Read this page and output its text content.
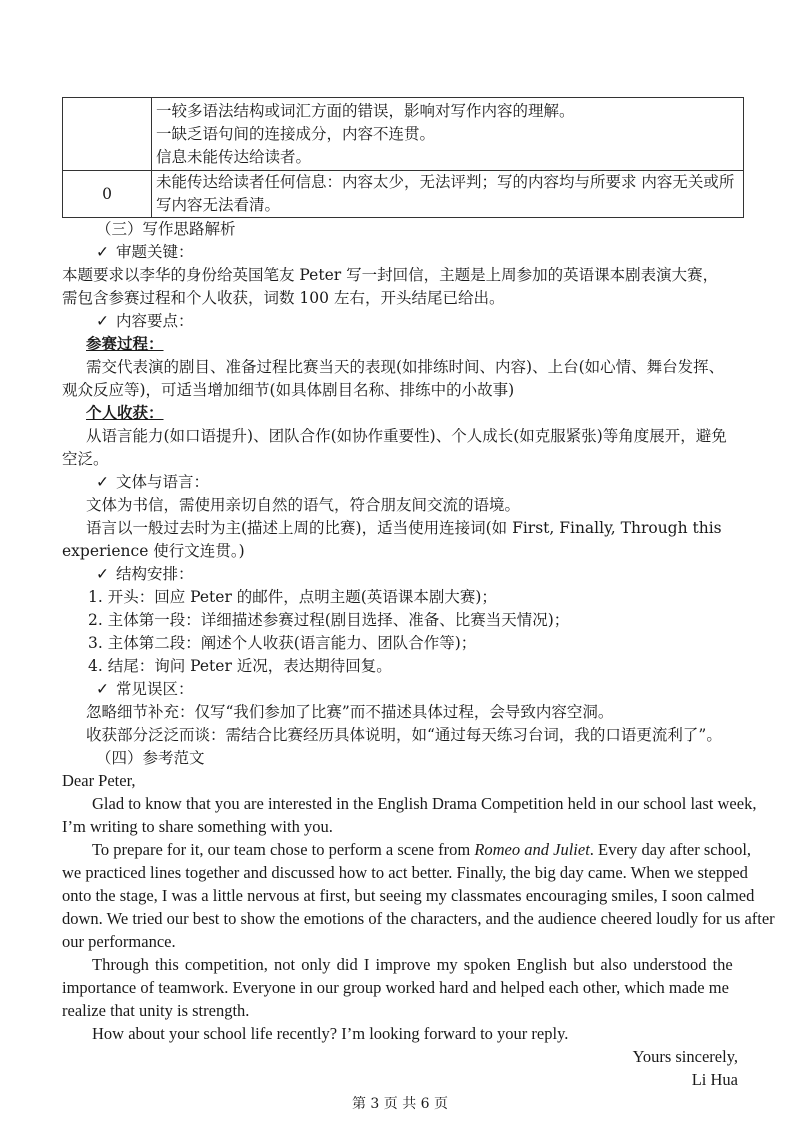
	一较多语法结构或词汇方面的错误，影响对写作内容的理解。
一缺乏语句间的连接成分，内容不连贯。
信息未能传达给读者。

0	未能传达给读者任何信息：内容太少，无法评判；写的内容均与所要求 内容无关或所写内容无法看清。
（三）写作思路解析
✓ 审题关键：
本题要求以李华的身份给英国笔友 Peter 写一封回信，主题是上周参加的英语课本剧表演大赛，
需包含参赛过程和个人收获，词数 100 左右，开头结尾已给出。
✓ 内容要点：
参赛过程：
需交代表演的剧目、准备过程比赛当天的表现(如排练时间、内容)、上台(如心情、舞台发挥、
观众反应等)，可适当增加细节(如具体剧目名称、排练中的小故事)
个人收获：
从语言能力(如口语提升)、团队合作(如协作重要性)、个人成长(如克服紧张)等角度展开，避免
空泛。
✓ 文体与语言：
文体为书信，需使用亲切自然的语气，符合朋友间交流的语境。
语言以一般过去时为主(描述上周的比赛)，适当使用连接词(如 First, Finally, Through this
experience 使行文连贯。)
✓ 结构安排：
1. 开头：回应 Peter 的邮件，点明主题(英语课本剧大赛)；
2. 主体第一段：详细描述参赛过程(剧目选择、准备、比赛当天情况)；
3. 主体第二段：阐述个人收获(语言能力、团队合作等)；
4. 结尾：询问 Peter 近况，表达期待回复。
✓ 常见误区：
忽略细节补充：仅写“我们参加了比赛”而不描述具体过程，会导致内容空洞。
收获部分泛泛而谈：需结合比赛经历具体说明，如“通过每天练习台词，我的口语更流利了”。
（四）参考范文
Dear Peter,
Glad to know that you are interested in the English Drama Competition held in our school last week,
I’m writing to share something with you.
To prepare for it, our team chose to perform a scene from Romeo and Juliet. Every day after school,
we practiced lines together and discussed how to act better. Finally, the big day came. When we stepped
onto the stage, I was a little nervous at first, but seeing my classmates encouraging smiles, I soon calmed
down. We tried our best to show the emotions of the characters, and the audience cheered loudly for us after
our performance.
Through this competition, not only did I improve my spoken English but also understood the
importance of teamwork. Everyone in our group worked hard and helped each other, which made me
realize that unity is strength.
How about your school life recently? I’m looking forward to your reply.
Yours sincerely,
Li Hua
第 3 页 共 6 页
